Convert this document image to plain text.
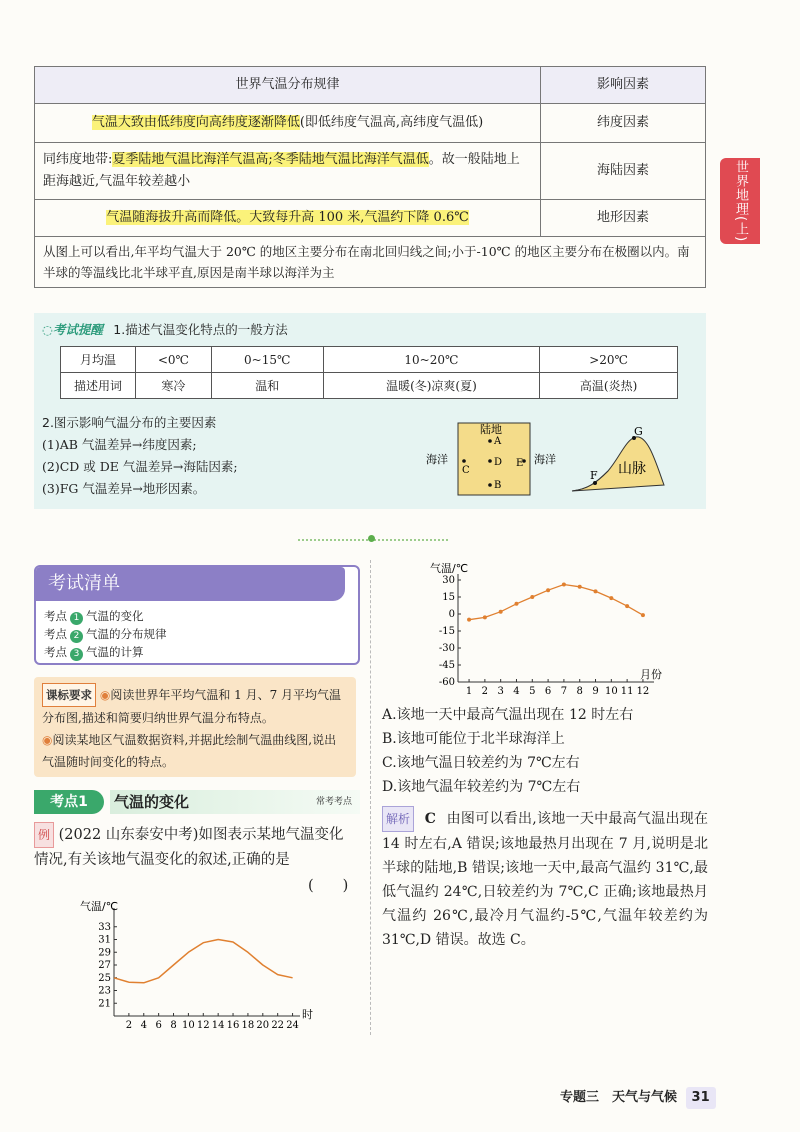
世界气温分布规律	影响因素
气温大致由低纬度向高纬度逐渐降低(即低纬度气温高,高纬度气温低)	纬度因素
同纬度地带:夏季陆地气温比海洋气温高;冬季陆地气温比海洋气温低。故一般陆地上距海越近,气温年较差越小	海陆因素
气温随海拔升高而降低。大致每升高 100 米,气温约下降 0.6℃	地形因素
从图上可以看出,年平均气温大于 20℃ 的地区主要分布在南北回归线之间;小于-10℃ 的地区主要分布在极圈以内。南半球的等温线比北半球平直,原因是南半球以海洋为主	
世界地理(上)
◌考试提醒 1.描述气温变化特点的一般方法
月均温	<0℃	0~15℃	10~20℃	>20℃
描述用词	寒冷	温和	温暖(冬)凉爽(夏)	高温(炎热)
2.图示影响气温分布的主要因素
(1)AB 气温差异→纬度因素;
(2)CD 或 DE 气温差异→海陆因素;
(3)FG 气温差异→地形因素。
陆地
海洋	海洋
A
B
C
D E
F
G
山脉
考试清单
考点 1 气温的变化
考点 2 气温的分布规律
考点 3 气温的计算
课标要求 ◉阅读世界年平均气温和 1 月、7 月平均气温分布图,描述和简要归纳世界气温分布特点。
◉阅读某地区气温数据资料,并据此绘制气温曲线图,说出气温随时间变化的特点。
考点1	气温的变化	常考考点
例 (2022 山东泰安中考)如图表示某地气温变化情况,有关该地气温变化的叙述,正确的是
(　　)
气温/℃
时
21
23
25
27
29
31
33
2 4 6 8 10 12 14 16 18 20 22 24
气温/℃
月份
30
15
0
-15
-30
-45
-60
1 2 3 4 5 6 7 8 9 10 11 12
A.该地一天中最高气温出现在 12 时左右
B.该地可能位于北半球海洋上
C.该地气温日较差约为 7℃左右
D.该地气温年较差约为 7℃左右
解析 C 由图可以看出,该地一天中最高气温出现在 14 时左右,A 错误;该地最热月出现在 7 月,说明是北半球的陆地,B 错误;该地一天中,最高气温约 31℃,最低气温约 24℃,日较差约为 7℃,C 正确;该地最热月气温约 26℃,最冷月气温约-5℃,气温年较差约为 31℃,D 错误。故选 C。
专题三　天气与气候 31
